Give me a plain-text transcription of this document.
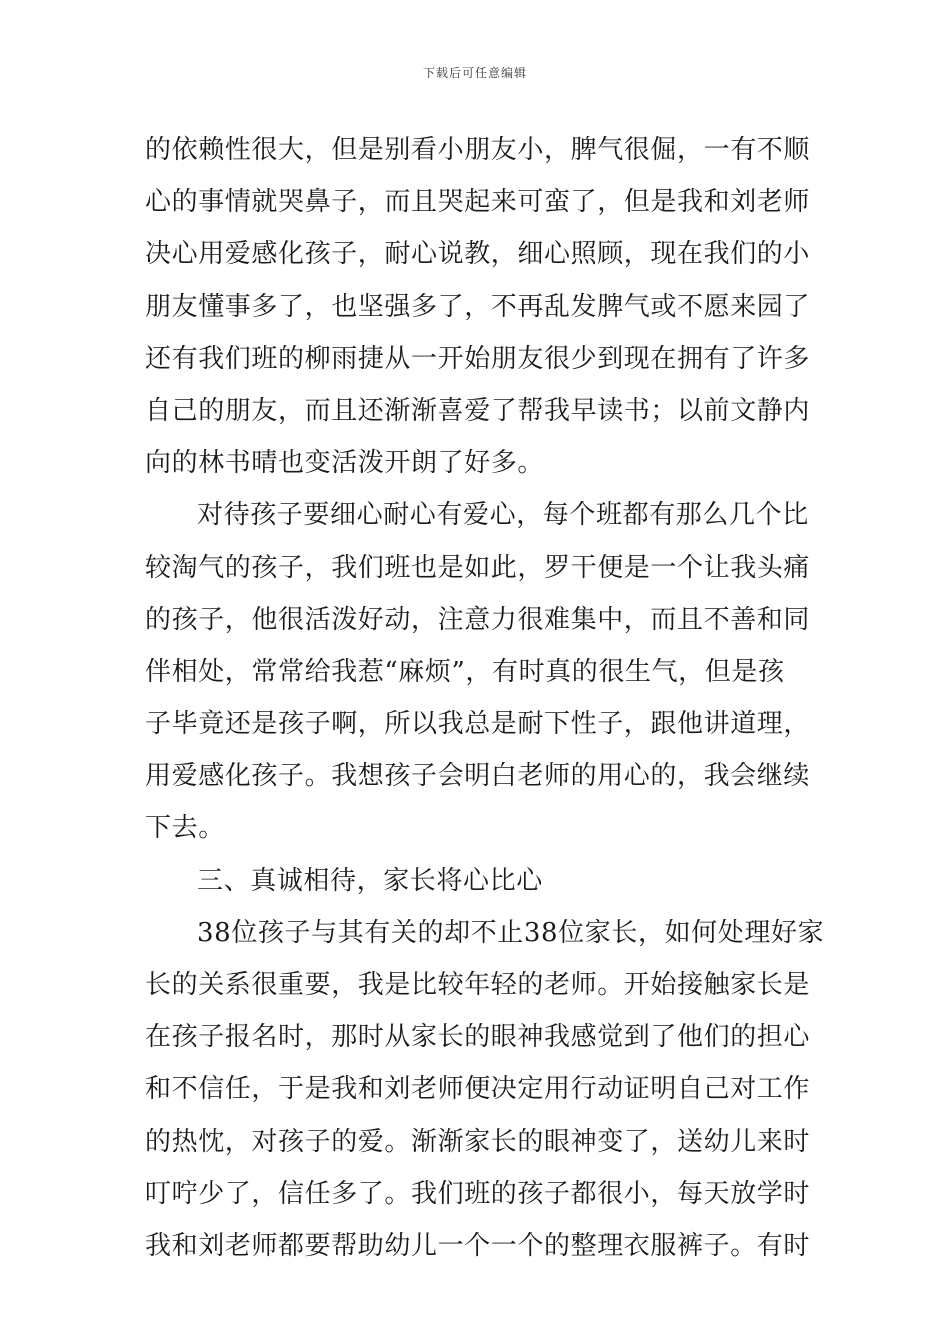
下载后可任意编辑
的依赖性很大，但是别看小朋友小，脾气很倔，一有不顺
心的事情就哭鼻子，而且哭起来可蛮了，但是我和刘老师
决心用爱感化孩子，耐心说教，细心照顾，现在我们的小
朋友懂事多了，也坚强多了，不再乱发脾气或不愿来园了
还有我们班的柳雨捷从一开始朋友很少到现在拥有了许多
自己的朋友，而且还渐渐喜爱了帮我早读书；以前文静内
向的林书晴也变活泼开朗了好多。
对待孩子要细心耐心有爱心，每个班都有那么几个比
较淘气的孩子，我们班也是如此，罗干便是一个让我头痛
的孩子，他很活泼好动，注意力很难集中，而且不善和同
伴相处，常常给我惹“麻烦”，有时真的很生气，但是孩
子毕竟还是孩子啊，所以我总是耐下性子，跟他讲道理，
用爱感化孩子。我想孩子会明白老师的用心的，我会继续
下去。
三、真诚相待，家长将心比心
38位孩子与其有关的却不止38位家长，如何处理好家
长的关系很重要，我是比较年轻的老师。开始接触家长是
在孩子报名时，那时从家长的眼神我感觉到了他们的担心
和不信任，于是我和刘老师便决定用行动证明自己对工作
的热忱，对孩子的爱。渐渐家长的眼神变了，送幼儿来时
叮咛少了，信任多了。我们班的孩子都很小，每天放学时
我和刘老师都要帮助幼儿一个一个的整理衣服裤子。有时
